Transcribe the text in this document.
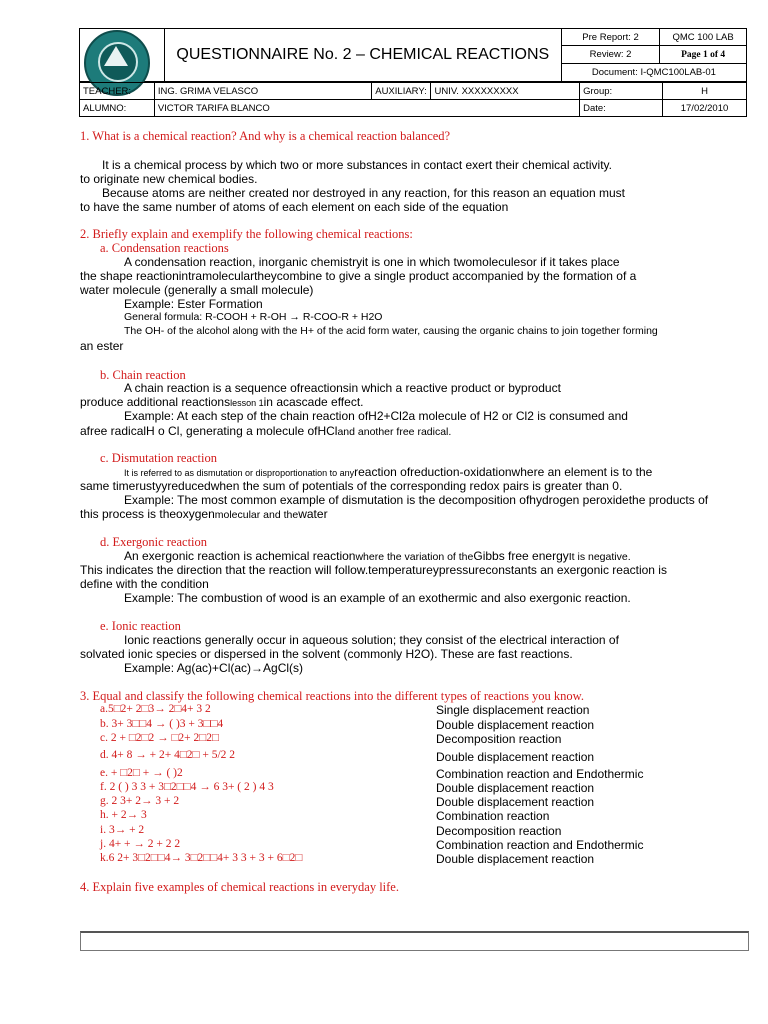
	QUESTIONNAIRE No. 2 – CHEMICAL REACTIONS	Pre Report: 2	QMC 100 LAB
		Review: 2	Page 1 of 4
		Document: I-QMC100LAB-01	
TEACHER:	ING. GRIMA VELASCO	AUXILIARY:	UNIV. XXXXXXXXX	Group:	H
ALUMNO:	VICTOR TARIFA BLANCO			Date:	17/02/2010
1. What is a chemical reaction? And why is a chemical reaction balanced?
It is a chemical process by which two or more substances in contact exert their chemical activity.
to originate new chemical bodies.
Because atoms are neither created nor destroyed in any reaction, for this reason an equation must
to have the same number of atoms of each element on each side of the equation
2. Briefly explain and exemplify the following chemical reactions:
a. Condensation reactions
A condensation reaction, inorganic chemistryit is one in which twomoleculesor if it takes place
the shape reactionintramoleculartheycombine to give a single product accompanied by the formation of a
water molecule (generally a small molecule)
Example: Ester Formation
General formula: R-COOH + R-OH → R-COO-R + H2O
The OH- of the alcohol along with the H+ of the acid form water, causing the organic chains to join together forming
an ester
b. Chain reaction
A chain reaction is a sequence ofreactionsin which a reactive product or byproduct
produce additional reactionslesson 1in acascade effect.
Example: At each step of the chain reaction ofH2+Cl2a molecule of H2 or Cl2 is consumed and
afree radicalH o Cl, generating a molecule ofHCland another free radical.
c. Dismutation reaction
It is referred to as dismutation or disproportionation to anyreaction ofreduction-oxidationwhere an element is to the
same timerustyyreducedwhen the sum of potentials of the corresponding redox pairs is greater than 0.
Example: The most common example of dismutation is the decomposition ofhydrogen peroxidethe products of
this process is theoxygenmolecular and thewater
d. Exergonic reaction
An exergonic reaction is achemical reactionwhere the variation of theGibbs free energyIt is negative.
This indicates the direction that the reaction will follow.temperatureypressureconstants an exergonic reaction is
define with the condition
Example: The combustion of wood is an example of an exothermic and also exergonic reaction.
e. Ionic reaction
Ionic reactions generally occur in aqueous solution; they consist of the electrical interaction of
solvated ionic species or dispersed in the solvent (commonly H2O). These are fast reactions.
Example: Ag(ac)+Cl(ac)→AgCl(s)
3. Equal and classify the following chemical reactions into the different types of reactions you know.
a.5□2+ 2□3→ 2□4+ 3 2	Single displacement reaction
b. 3+ 3□□4 → ( )3 + 3□□4	Double displacement reaction
c. 2 + □2□2 → □2+ 2□2□	Decomposition reaction
d. 4+ 8 → + 2+ 4□2□ + 5/2 2	Double displacement reaction
e. + □2□ + → ( )2	Combination reaction and Endothermic
f. 2 ( ) 3 3 + 3□2□□4 → 6 3+ ( 2 ) 4 3	Double displacement reaction
g. 2 3+ 2→ 3 + 2	Double displacement reaction
h. + 2→ 3	Combination reaction
i. 3→ + 2	Decomposition reaction
j. 4+ + → 2 + 2 2	Combination reaction and Endothermic
k.6 2+ 3□2□□4→ 3□2□□4+ 3 3 + 3 + 6□2□	Double displacement reaction
4. Explain five examples of chemical reactions in everyday life.
